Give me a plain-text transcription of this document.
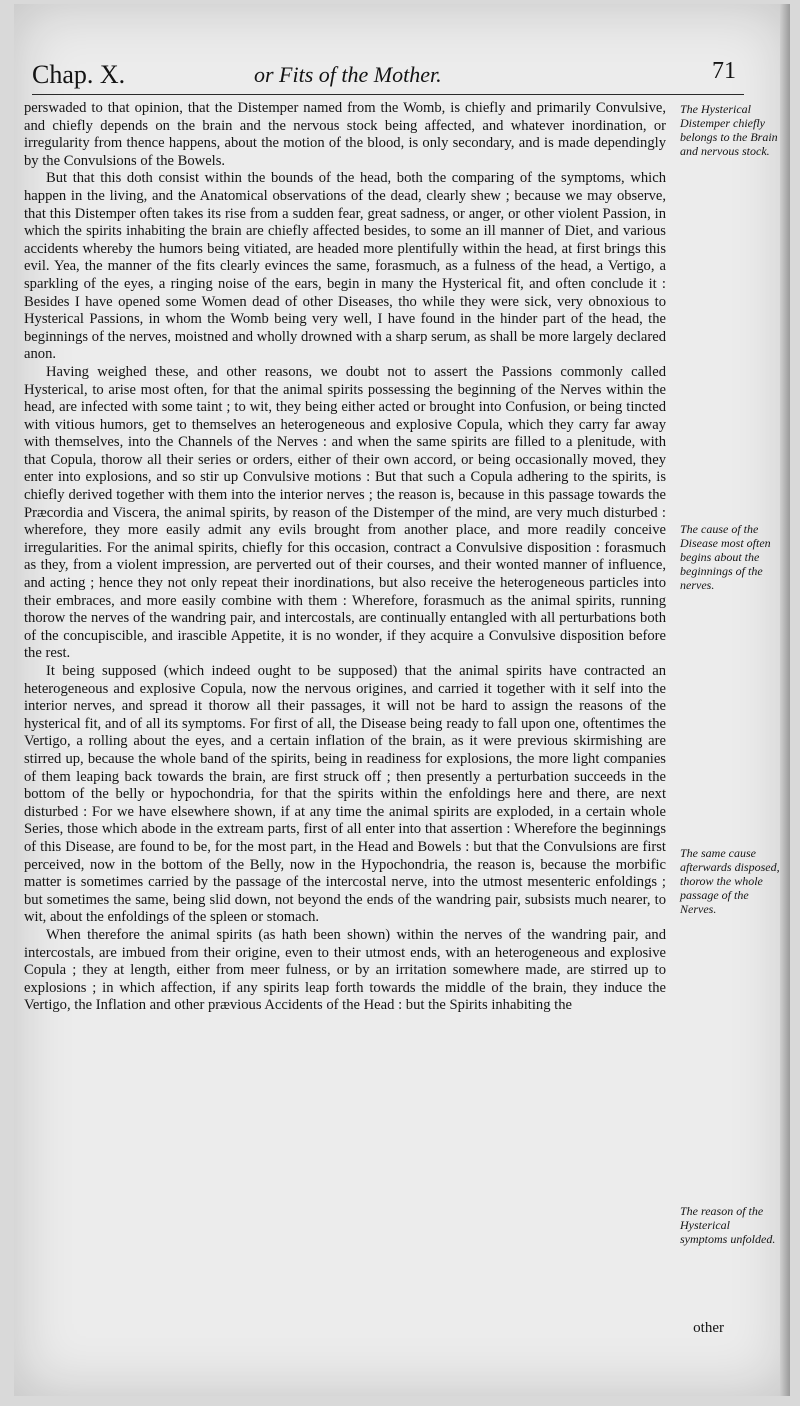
Chap. X.	or Fits of the Mother.	71

perswaded to that opinion, that the Distemper named from the Womb, is chiefly and primarily Convulsive, and chiefly depends on the brain and the nervous stock being affected, and whatever inordination, or irregularity from thence happens, about the motion of the blood, is only secondary, and is made dependingly by the Convulsions of the Bowels.

But that this doth consist within the bounds of the head, both the comparing of the symptoms, which happen in the living, and the Anatomical observations of the dead, clearly shew ; because we may observe, that this Distemper often takes its rise from a sudden fear, great sadness, or anger, or other violent Passion, in which the spirits inhabiting the brain are chiefly affected besides, to some an ill manner of Diet, and various accidents whereby the humors being vitiated, are headed more plentifully within the head, at first brings this evil. Yea, the manner of the fits clearly evinces the same, forasmuch, as a fulness of the head, a Vertigo, a sparkling of the eyes, a ringing noise of the ears, begin in many the Hysterical fit, and often conclude it : Besides I have opened some Women dead of other Diseases, tho while they were sick, very obnoxious to Hysterical Passions, in whom the Womb being very well, I have found in the hinder part of the head, the beginnings of the nerves, moistned and wholly drowned with a sharp serum, as shall be more largely declared anon.

Having weighed these, and other reasons, we doubt not to assert the Passions commonly called Hysterical, to arise most often, for that the animal spirits possessing the beginning of the Nerves within the head, are infected with some taint ; to wit, they being either acted or brought into Confusion, or being tincted with vitious humors, get to themselves an heterogeneous and explosive Copula, which they carry far away with themselves, into the Channels of the Nerves : and when the same spirits are filled to a plenitude, with that Copula, thorow all their series or orders, either of their own accord, or being occasionally moved, they enter into explosions, and so stir up Convulsive motions : But that such a Copula adhering to the spirits, is chiefly derived together with them into the interior nerves ; the reason is, because in this passage towards the Præcordia and Viscera, the animal spirits, by reason of the Distemper of the mind, are very much disturbed : wherefore, they more easily admit any evils brought from another place, and more readily conceive irregularities. For the animal spirits, chiefly for this occasion, contract a Convulsive disposition : forasmuch as they, from a violent impression, are perverted out of their courses, and their wonted manner of influence, and acting ; hence they not only repeat their inordinations, but also receive the heterogeneous particles into their embraces, and more easily combine with them : Wherefore, forasmuch as the animal spirits, running thorow the nerves of the wandring pair, and intercostals, are continually entangled with all perturbations both of the concupiscible, and irascible Appetite, it is no wonder, if they acquire a Convulsive disposition before the rest.

It being supposed (which indeed ought to be supposed) that the animal spirits have contracted an heterogeneous and explosive Copula, now the nervous origines, and carried it together with it self into the interior nerves, and spread it thorow all their passages, it will not be hard to assign the reasons of the hysterical fit, and of all its symptoms. For first of all, the Disease being ready to fall upon one, oftentimes the Vertigo, a rolling about the eyes, and a certain inflation of the brain, as it were previous skirmishing are stirred up, because the whole band of the spirits, being in readiness for explosions, the more light companies of them leaping back towards the brain, are first struck off ; then presently a perturbation succeeds in the bottom of the belly or hypochondria, for that the spirits within the enfoldings here and there, are next disturbed : For we have elsewhere shown, if at any time the animal spirits are exploded, in a certain whole Series, those which abode in the extream parts, first of all enter into that assertion : Wherefore the beginnings of this Disease, are found to be, for the most part, in the Head and Bowels : but that the Convulsions are first perceived, now in the bottom of the Belly, now in the Hypochondria, the reason is, because the morbific matter is sometimes carried by the passage of the intercostal nerve, into the utmost mesenteric enfoldings ; but sometimes the same, being slid down, not beyond the ends of the wandring pair, subsists much nearer, to wit, about the enfoldings of the spleen or stomach.

When therefore the animal spirits (as hath been shown) within the nerves of the wandring pair, and intercostals, are imbued from their origine, even to their utmost ends, with an heterogeneous and explosive Copula ; they at length, either from meer fulness, or by an irritation somewhere made, are stirred up to explosions ; in which affection, if any spirits leap forth towards the middle of the brain, they induce the Vertigo, the Inflation and other prævious Accidents of the Head : but the Spirits inhabiting the

The Hysterical Distemper chiefly belongs to the Brain and nervous stock.
The cause of the Disease most often begins about the beginnings of the nerves.
The same cause afterwards disposed, thorow the whole passage of the Nerves.
The reason of the Hysterical symptoms unfolded.
other
